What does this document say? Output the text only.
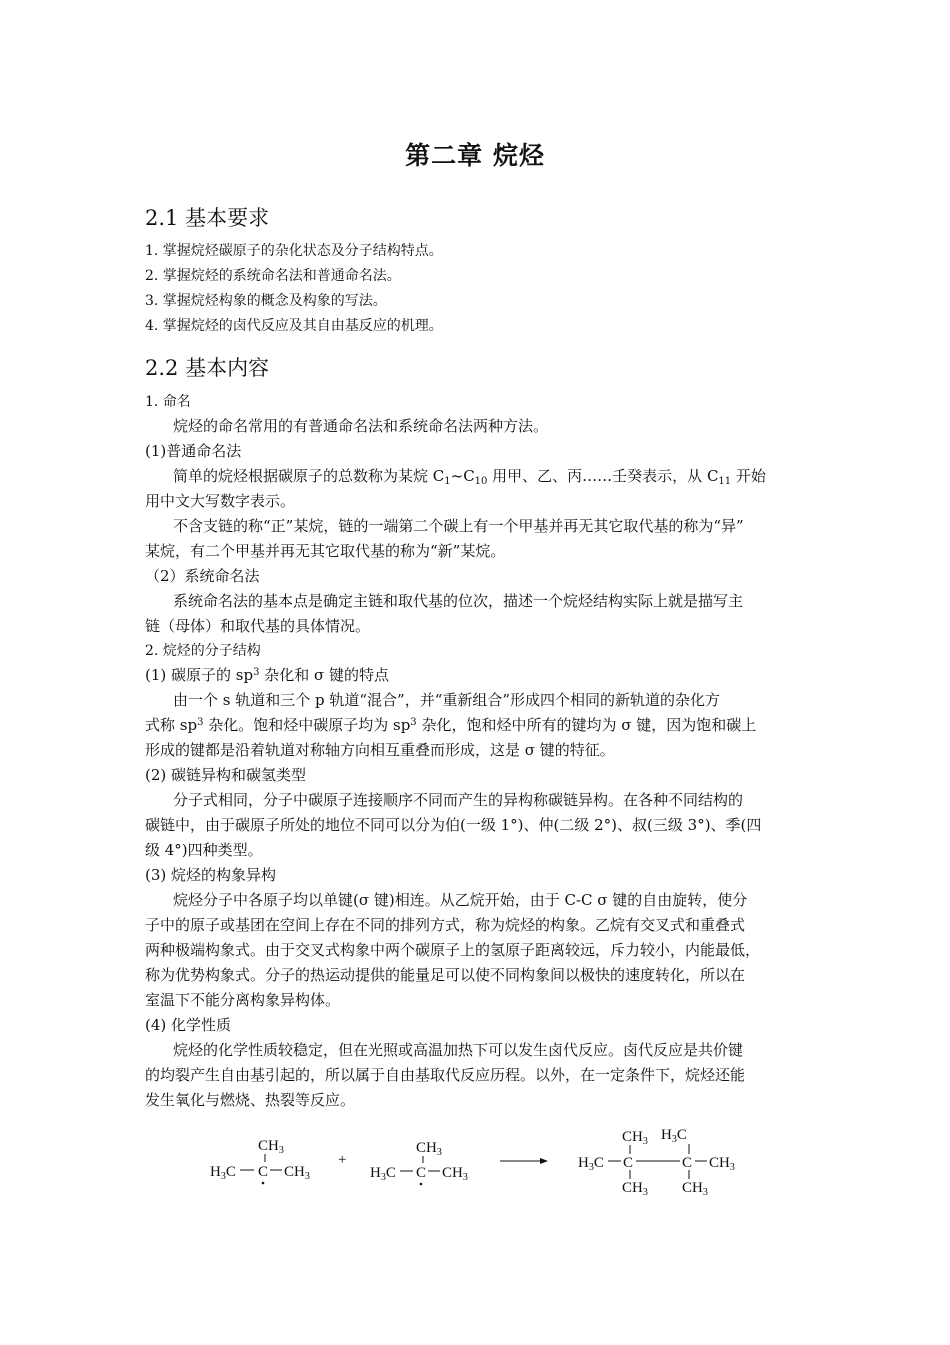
第二章 烷烃
2.1 基本要求
1. 掌握烷烃碳原子的杂化状态及分子结构特点。
2. 掌握烷烃的系统命名法和普通命名法。
3. 掌握烷烃构象的概念及构象的写法。
4. 掌握烷烃的卤代反应及其自由基反应的机理。
2.2 基本内容
1. 命名
烷烃的命名常用的有普通命名法和系统命名法两种方法。
(1)普通命名法
简单的烷烃根据碳原子的总数称为某烷 $C_1\sim C_{10}$ 用甲、乙、丙……壬癸表示，从 $C_{11}$ 开始
用中文大写数字表示。
不含支链的称“正”某烷，链的一端第二个碳上有一个甲基并再无其它取代基的称为“异”
某烷，有二个甲基并再无其它取代基的称为“新”某烷。
（2）系统命名法
系统命名法的基本点是确定主链和取代基的位次，描述一个烷烃结构实际上就是描写主
链（母体）和取代基的具体情况。
2. 烷烃的分子结构
(1) 碳原子的 $sp^3$ 杂化和 σ 键的特点
由一个 s 轨道和三个 p 轨道“混合”，并“重新组合”形成四个相同的新轨道的杂化方
式称 $sp^3$ 杂化。饱和烃中碳原子均为 $sp^3$ 杂化，饱和烃中所有的键均为 σ 键，因为饱和碳上
形成的键都是沿着轨道对称轴方向相互重叠而形成，这是 σ 键的特征。
(2) 碳链异构和碳氢类型
分子式相同，分子中碳原子连接顺序不同而产生的异构称碳链异构。在各种不同结构的
碳链中，由于碳原子所处的地位不同可以分为伯(一级 1°)、仲(二级 2°)、叔(三级 3°)、季(四
级 4°)四种类型。
(3) 烷烃的构象异构
烷烃分子中各原子均以单键(σ 键)相连。从乙烷开始，由于 C-C σ 键的自由旋转，使分
子中的原子或基团在空间上存在不同的排列方式，称为烷烃的构象。乙烷有交叉式和重叠式
两种极端构象式。由于交叉式构象中两个碳原子上的氢原子距离较远，斥力较小，内能最低，
称为优势构象式。分子的热运动提供的能量足可以使不同构象间以极快的速度转化，所以在
室温下不能分离构象异构体。
(4) 化学性质
烷烃的化学性质较稳定，但在光照或高温加热下可以发生卤代反应。卤代反应是共价键
的均裂产生自由基引起的，所以属于自由基取代反应历程。以外，在一定条件下，烷烃还能
发生氧化与燃烧、热裂等反应。
$CH_3$
$H_3C$ C $CH_3$
+
$CH_3$
$H_3C$ C $CH_3$
$CH_3$ $H_3C$
$H_3C$ C	C $CH_3$
$CH_3$ $CH_3$
